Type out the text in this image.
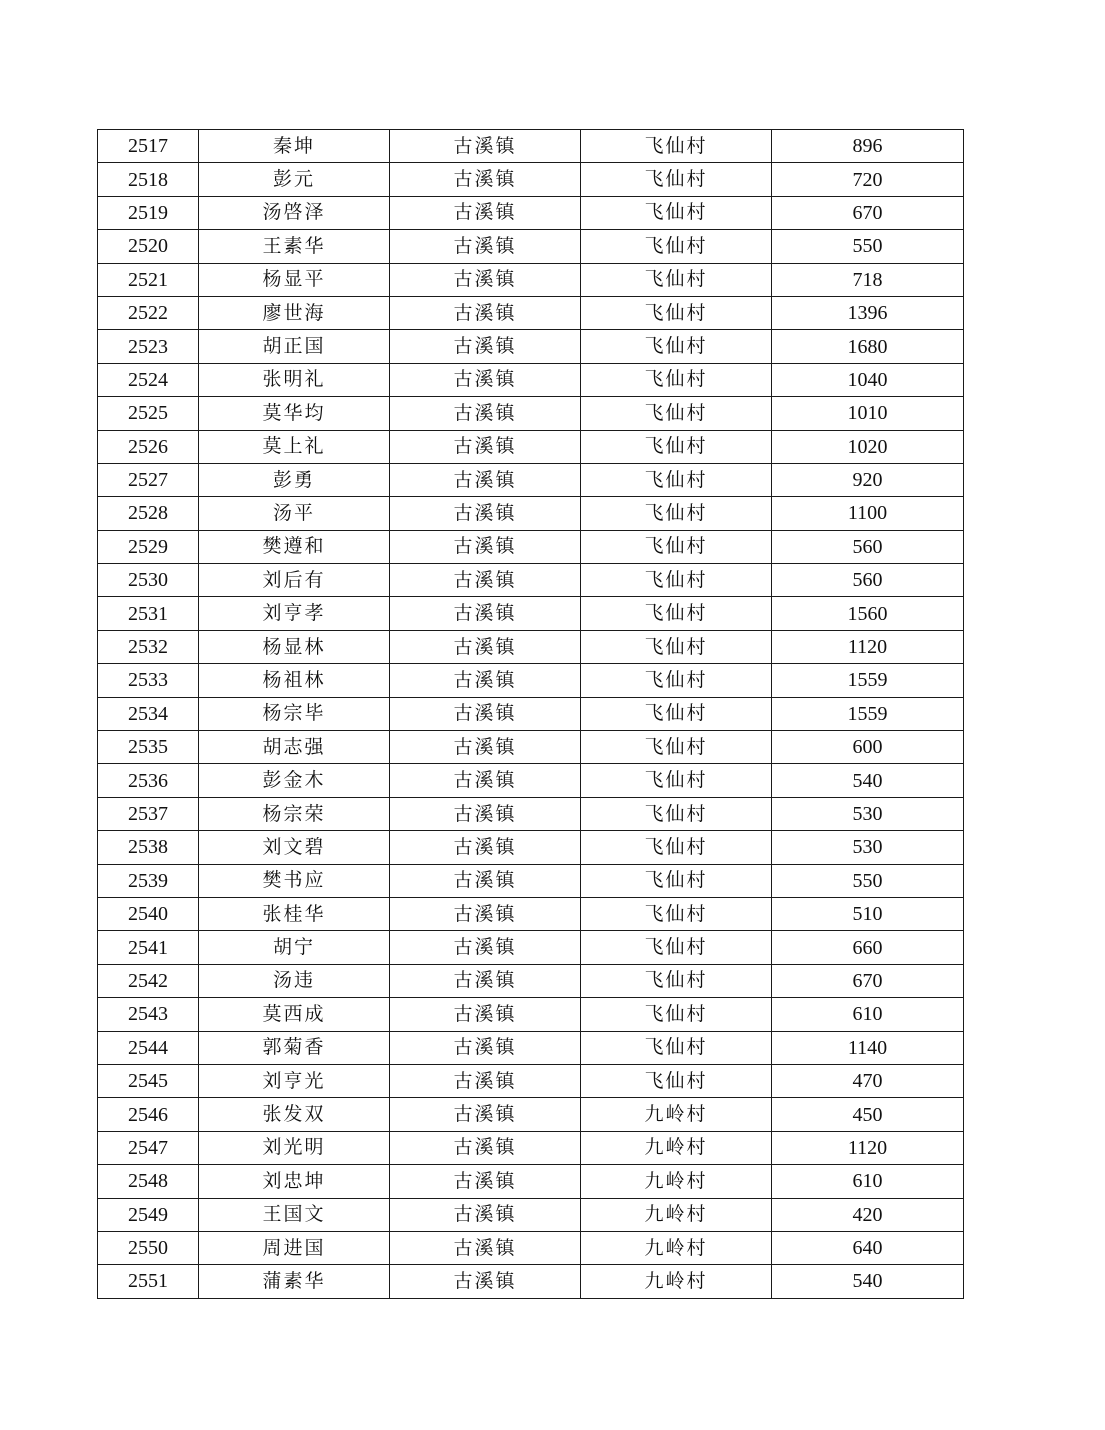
2517	秦坤	古溪镇	飞仙村	896
2518	彭元	古溪镇	飞仙村	720
2519	汤啓泽	古溪镇	飞仙村	670
2520	王素华	古溪镇	飞仙村	550
2521	杨显平	古溪镇	飞仙村	718
2522	廖世海	古溪镇	飞仙村	1396
2523	胡正国	古溪镇	飞仙村	1680
2524	张明礼	古溪镇	飞仙村	1040
2525	莫华均	古溪镇	飞仙村	1010
2526	莫上礼	古溪镇	飞仙村	1020
2527	彭勇	古溪镇	飞仙村	920
2528	汤平	古溪镇	飞仙村	1100
2529	樊遵和	古溪镇	飞仙村	560
2530	刘后有	古溪镇	飞仙村	560
2531	刘亨孝	古溪镇	飞仙村	1560
2532	杨显林	古溪镇	飞仙村	1120
2533	杨祖林	古溪镇	飞仙村	1559
2534	杨宗毕	古溪镇	飞仙村	1559
2535	胡志强	古溪镇	飞仙村	600
2536	彭金木	古溪镇	飞仙村	540
2537	杨宗荣	古溪镇	飞仙村	530
2538	刘文碧	古溪镇	飞仙村	530
2539	樊书应	古溪镇	飞仙村	550
2540	张桂华	古溪镇	飞仙村	510
2541	胡宁	古溪镇	飞仙村	660
2542	汤违	古溪镇	飞仙村	670
2543	莫西成	古溪镇	飞仙村	610
2544	郭菊香	古溪镇	飞仙村	1140
2545	刘亨光	古溪镇	飞仙村	470
2546	张发双	古溪镇	九岭村	450
2547	刘光明	古溪镇	九岭村	1120
2548	刘忠坤	古溪镇	九岭村	610
2549	王国文	古溪镇	九岭村	420
2550	周进国	古溪镇	九岭村	640
2551	蒲素华	古溪镇	九岭村	540
